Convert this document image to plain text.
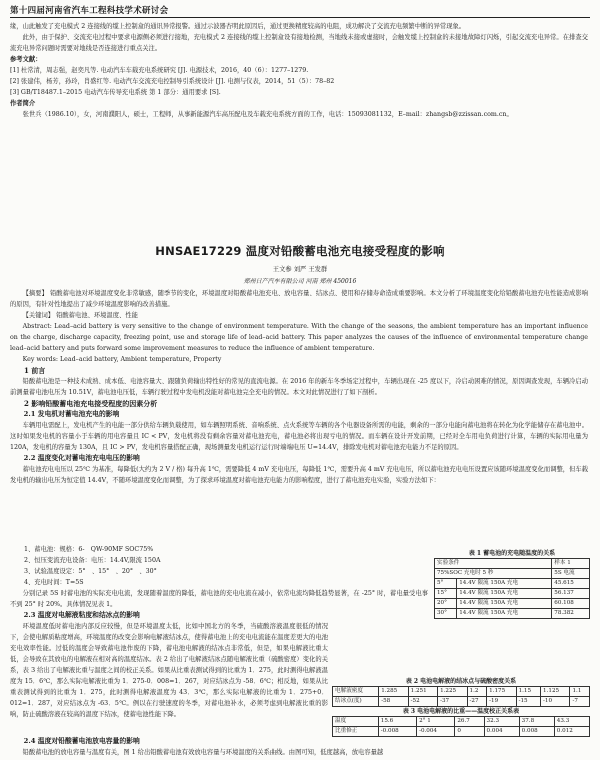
第十四届河南省汽车工程科技学术研讨会

缘，山此触发了充电模式 2 连接线的缆上控制盒的通讯异常报警。通过示波器杏明此原因后，通过更换精度较高的电阻，成功解决了交流充电频繁中断的异常现象。

此外，由于保护、交流充电过程中要求电源侧必须进行接地，充电模式 2 连接线的缆上控制盒设有接地检测，当地线未接或虚接时，会触发缆上控制盒的未接地故障灯闪烁，引起交流充电异常。在排查交流充电异常问题时需要对地线是否连接进行重点关注。

参考文献：

[1] 杜常清，周志强，赵奕凡等. 电动汽车车载充电系统研究 [J]. 电源技术，2016，40（6）：1277–1279.

[2] 张建伟，杨芳，孙玲，肖盛红等. 电动汽车交流充电控制导引系统设计 [J]. 电测与仪表，2014，51（5）：78–82

[3] GB/T18487.1–2015 电动汽车传导充电系统 第 1 部分：通用要求 [S].

作者简介

张世兵（1986.10），女，河南濮阳人，硕士，工程师，从事新能源汽车高压配电及车载充电系统方面的工作，电话：15093081132，E–mail：zhangsb@zzissan.com.cn。

HNSAE17229 温度对铅酸蓄电池充电接受程度的影响
王文参 刘严 王发群
郑州日产汽车有限公司 河南 郑州 450016

【摘要】 铅酸蓄电池对环境温度变化非常敏感，随季节的变化，环境温度对铅酸蓄电池充电、放电容量、结冰点、使用和存储寿命造成重要影响。本文分析了环境温度变化给铅酸蓄电池充电性能造成影响的原因，有针对性地提出了减少环境温度影响的改善措施。

【关键词】 铅酸蓄电池、环境温度、性能

Abstract: Lead–acid battery is very sensitive to the change of environment temperature. With the change of the seasons, the ambient temperature has an important influence on the charge, discharge capacity, freezing point, use and storage life of lead–acid battery. This paper analyzes the causes of the influence of environmental temperature change lead–acid battery and puts forward some improvement measures to reduce the influence of ambient temperature.

Key words: Lead–acid battery, Ambient temperature, Property

1 前言

铅酸蓄电池是一种技术成熟、成本低、电池容量大、跟随负荷输出特性好的常见的直流电源。在 2016 年的新车冬季场定过程中，车辆出现在 -25 度以下，冷启动困难的情况，原因调查发现，车辆冷启动前测量蓄电池电压为 10.51V，蓄电池电压低，车辆行驶过程中发电机没能对蓄电池完全充电的情况。本文对此情况进行了如下剖析。

2 影响铅酸蓄电池充电接受程度的因素分析

2.1 发电机对蓄电池充电的影响

车辆用电需配上，发电机产生的电能一部分供给车辆负载使用，如车辆照明系统、音响系统、点火系统等车辆的各个电器设备所需的电能，剩余的一部分电能向蓄电池将在转化为化学能储存在蓄电池中。这时如果发电机的容量小于车辆的用电容量且 IC < PV，发电机将没有剩余容量对蓄电池充电，蓄电池必将出现亏电的情况。而车辆在设计开发前期，已经对全车用电负荷进行计算，车辆的实际用电量为 120A，发电机的容量为 130A，且 IC > PV，发电机容量搭配正确，现场测量发电机运行运行时端端电压 U=14.4V，排除发电机对蓄电池充电能力不足的原因。

2.2 温度变化对蓄电池充电电压的影响

蓄电池充电电压以 25℃ 为基准，每降低(大约为 2 V / 格) 每升高 1℃，需要降低 4 mV 充电电压，每降低 1℃，需要升高 4 mV 充电电压，所以蓄电池充电电压设置应该随环境温度变化而调整，但车载发电机的输出电压为恒定值 14.4V，不随环境温度变化而调整，为了探求环境温度对蓄电池充电能力的影响程度，进行了蓄电池充电实验，实验方法如下：

1、蓄电池：规格：6-　QW-90MF SOC75%

2、恒压变流充电设备：电压：14.4V,限流 150A

3、试验温度设定：5°　、15°　、20°　、30°

4、充电时间：T=5S

分别记录 5S 时蓄电池的实际充电电流，发现随着温度的降低，蓄电池的充电电流在减小，依常电流均降低趋势显著，在 -25° 时，蓄电量受电事不到 25° 时 20%。具体情况见表 1。

2.3 温度对电解液粘度和结冰点的影响

环境温度低时蓄电池内部反应较慢，但是环境温度太低，比如中国北方的冬季，当硫酸溶液温度很低的情况下，会使电解质粘度增高，环境温度的改变会影响电解液结冰点，使得蓄电池上的充电电流能在温度差更大的电池充电效率性能。过低的温度会导致蓄电池作废的下降，蓄电池电解液的结冰点非常低，但是，如果电解液比重太低，会导致在其放电的电解液在相对高的温度结冰。表 2 给出了电解液结冰点随电解液比重（硫酸密度）变化的关系，表 3 给出了电解液比重与温度之间的校正关系。如果从比重表测试得到的比重为 1．275，此时测得电解液温度为 15．6℃，那么实际电解液比重为 1．275-0．008=1．267，对应结冰点为 -58．6℃；相反地，如果从比重表测试得到的比重为 1．275，此时测得电解液温度为 43．3℃，那么实际电解液的比重为 1．275+0．012=1．287，对应结冰点为 -63．5℃。例以在行驶速度的冬季，对蓄电池补水，必须考虑到电解液比重的影响，防止硫酸溶液在较高的温度下结冰，使蓄电池性能下降。

2.4 温度对铅酸蓄电池放电容量的影响

铅酸蓄电池的放电容量与温度有关，图 1 给出铅酸蓄电池有效放电容量与环境温度的关系曲线。由图可知，低度越高，放电容量越

表 1 蓄电池的充电随温度的关系
实验条件		样本 1
75%SOC 充电时 5 秒		5S 电流
5°	14.4V 限流 150A 充电	45.615
15°	14.4V 限流 150A 充电	56.137
20°	14.4V 限流 150A 充电	60.108
30°	14.4V 限流 150A 充电	78.382
表 2 电池电解液的结冰点与硫酸密度关系
电解液密度	1.285	1.251	1.225	1.2	1.175	1.15	1.125	1.1
结冰点(度)	-58	-52	-37	-27	-19	-15	-10	-7
表 3 电池电解液的比重——温度校正关系表
温度	15.6	2° 1	26.7	32.3	37.8	43.3
比重修正	-0.008	-0.004	0	0.004	0.008	0.012
